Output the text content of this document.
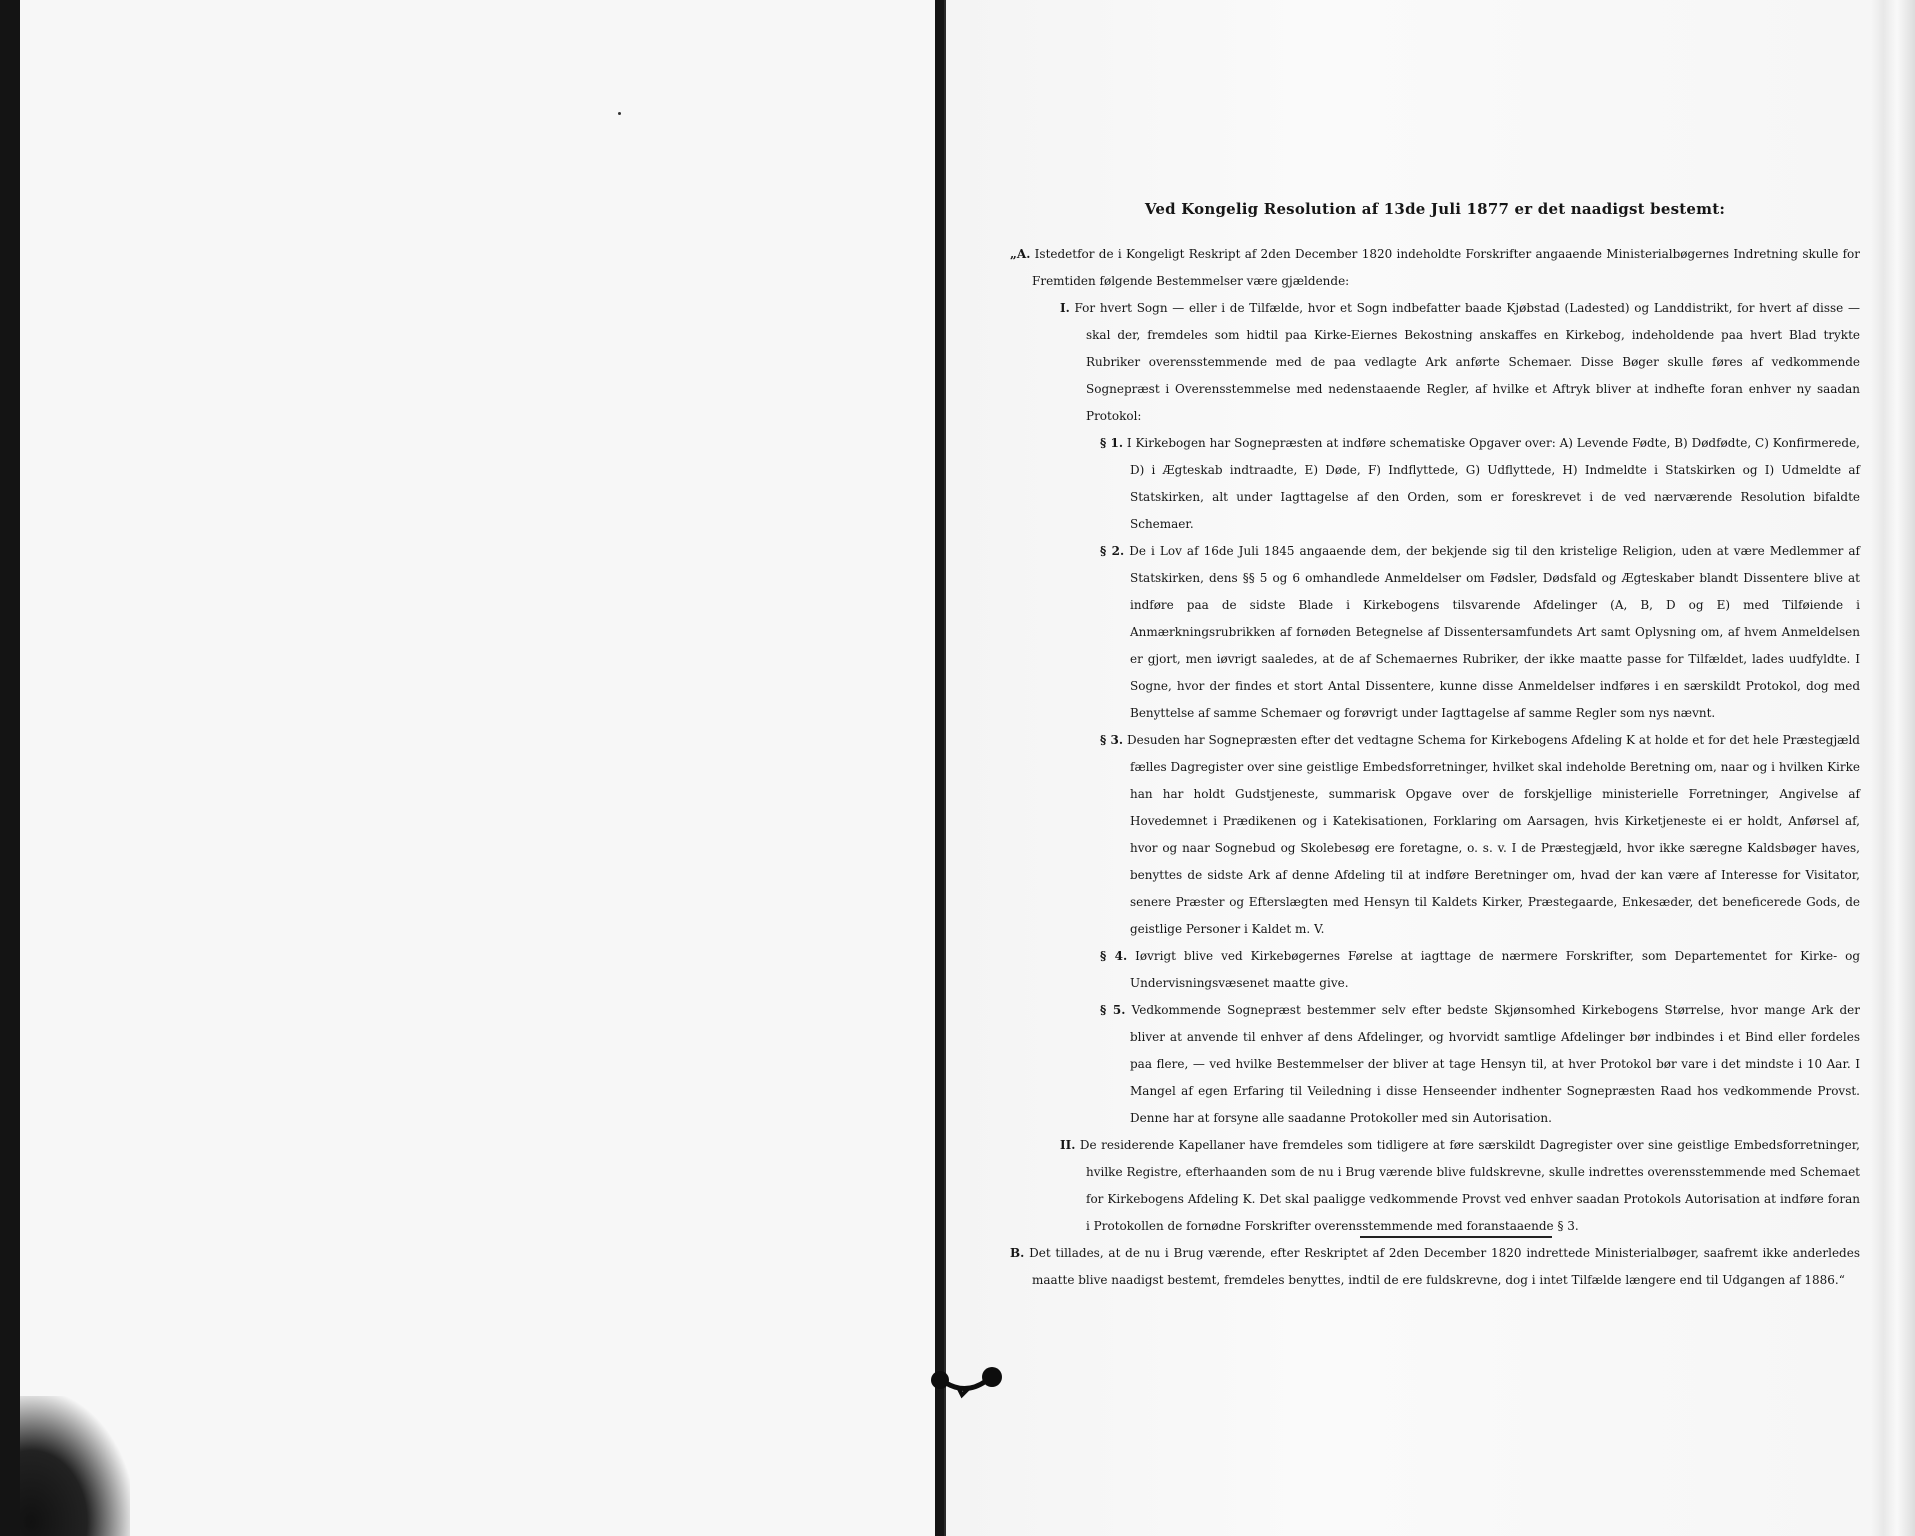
Ved Kongelig Resolution af 13de Juli 1877 er det naadigst bestemt:

„A. Istedetfor de i Kongeligt Reskript af 2den December 1820 indeholdte Forskrifter angaaende Ministerialbøgernes Indretning skulle for Fremtiden følgende Bestemmelser være gjældende:

I. For hvert Sogn — eller i de Tilfælde, hvor et Sogn indbefatter baade Kjøbstad (Ladested) og Landdistrikt, for hvert af disse — skal der, fremdeles som hidtil paa Kirke-Eiernes Bekostning anskaffes en Kirkebog, indeholdende paa hvert Blad trykte Rubriker overensstemmende med de paa vedlagte Ark anførte Schemaer. Disse Bøger skulle føres af vedkommende Sognepræst i Overensstemmelse med nedenstaaende Regler, af hvilke et Aftryk bliver at indhefte foran enhver ny saadan Protokol:

§ 1. I Kirkebogen har Sognepræsten at indføre schematiske Opgaver over: A) Levende Fødte, B) Dødfødte, C) Konfirmerede, D) i Ægteskab indtraadte, E) Døde, F) Indflyttede, G) Udflyttede, H) Indmeldte i Statskirken og I) Udmeldte af Statskirken, alt under Iagttagelse af den Orden, som er foreskrevet i de ved nærværende Resolution bifaldte Schemaer.

§ 2. De i Lov af 16de Juli 1845 angaaende dem, der bekjende sig til den kristelige Religion, uden at være Medlemmer af Statskirken, dens §§ 5 og 6 omhandlede Anmeldelser om Fødsler, Dødsfald og Ægteskaber blandt Dissentere blive at indføre paa de sidste Blade i Kirkebogens tilsvarende Afdelinger (A, B, D og E) med Tilføiende i Anmærkningsrubrikken af fornøden Betegnelse af Dissentersamfundets Art samt Oplysning om, af hvem Anmeldelsen er gjort, men iøvrigt saaledes, at de af Schemaernes Rubriker, der ikke maatte passe for Tilfældet, lades uudfyldte. I Sogne, hvor der findes et stort Antal Dissentere, kunne disse Anmeldelser indføres i en særskildt Protokol, dog med Benyttelse af samme Schemaer og forøvrigt under Iagttagelse af samme Regler som nys nævnt.

§ 3. Desuden har Sognepræsten efter det vedtagne Schema for Kirkebogens Afdeling K at holde et for det hele Præstegjæld fælles Dagregister over sine geistlige Embedsforretninger, hvilket skal indeholde Beretning om, naar og i hvilken Kirke han har holdt Gudstjeneste, summarisk Opgave over de forskjellige ministerielle Forretninger, Angivelse af Hovedemnet i Prædikenen og i Katekisationen, Forklaring om Aarsagen, hvis Kirketjeneste ei er holdt, Anførsel af, hvor og naar Sognebud og Skolebesøg ere foretagne, o. s. v. I de Præstegjæld, hvor ikke særegne Kaldsbøger haves, benyttes de sidste Ark af denne Afdeling til at indføre Beretninger om, hvad der kan være af Interesse for Visitator, senere Præster og Efterslægten med Hensyn til Kaldets Kirker, Præstegaarde, Enkesæder, det beneficerede Gods, de geistlige Personer i Kaldet m. V.

§ 4. Iøvrigt blive ved Kirkebøgernes Førelse at iagttage de nærmere Forskrifter, som Departementet for Kirke- og Undervisningsvæsenet maatte give.

§ 5. Vedkommende Sognepræst bestemmer selv efter bedste Skjønsomhed Kirkebogens Størrelse, hvor mange Ark der bliver at anvende til enhver af dens Afdelinger, og hvorvidt samtlige Afdelinger bør indbindes i et Bind eller fordeles paa flere, — ved hvilke Bestemmelser der bliver at tage Hensyn til, at hver Protokol bør vare i det mindste i 10 Aar. I Mangel af egen Erfaring til Veiledning i disse Henseender indhenter Sognepræsten Raad hos vedkommende Provst. Denne har at forsyne alle saadanne Protokoller med sin Autorisation.

II. De residerende Kapellaner have fremdeles som tidligere at føre særskildt Dagregister over sine geistlige Embedsforretninger, hvilke Registre, efterhaanden som de nu i Brug værende blive fuldskrevne, skulle indrettes overensstemmende med Schemaet for Kirkebogens Afdeling K. Det skal paaligge vedkommende Provst ved enhver saadan Protokols Autorisation at indføre foran i Protokollen de fornødne Forskrifter overensstemmende med foranstaaende § 3.

B. Det tillades, at de nu i Brug værende, efter Reskriptet af 2den December 1820 indrettede Ministerialbøger, saafremt ikke anderledes maatte blive naadigst bestemt, fremdeles benyttes, indtil de ere fuldskrevne, dog i intet Tilfælde længere end til Udgangen af 1886.“
